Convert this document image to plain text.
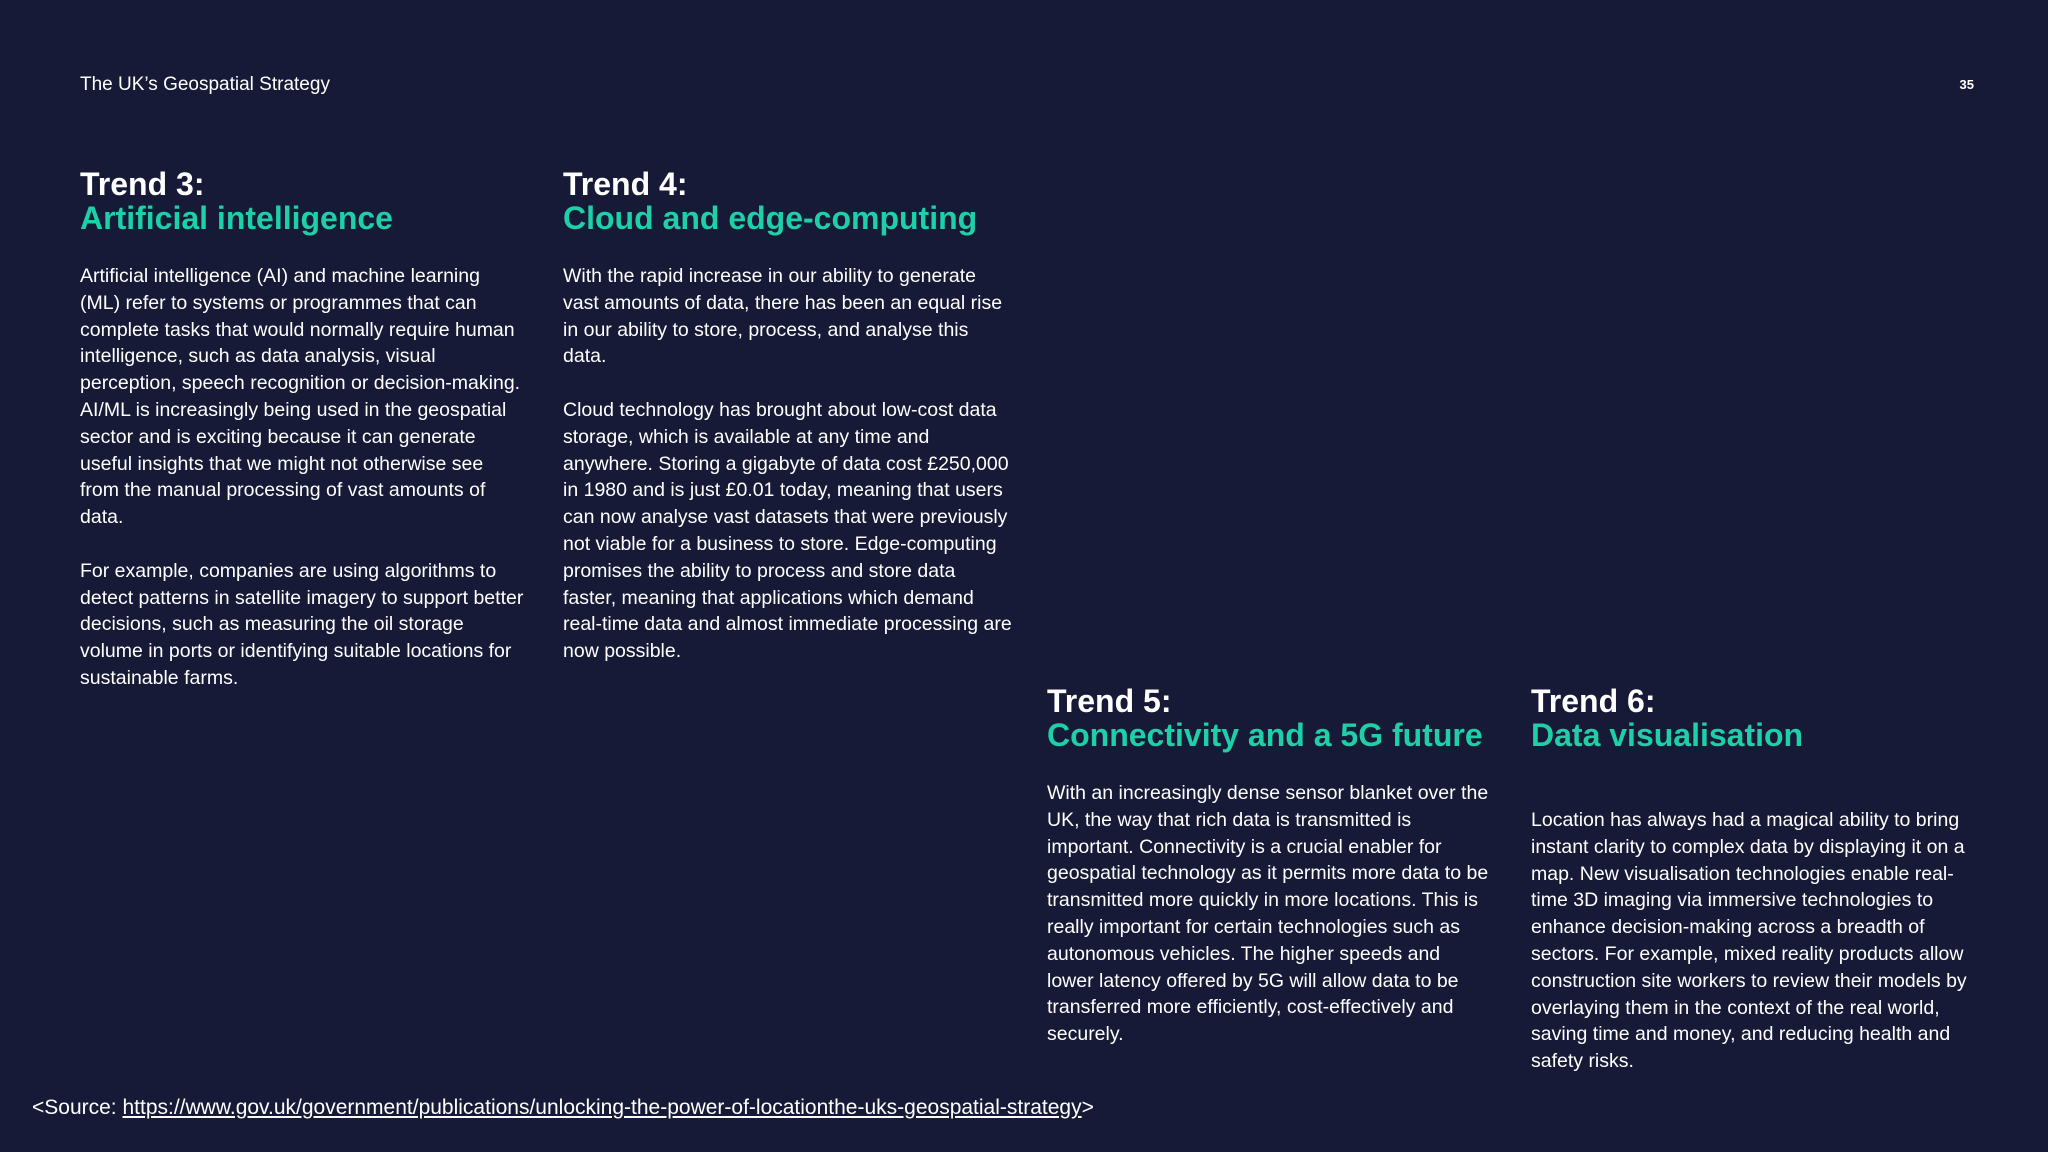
The UK’s Geospatial Strategy	35
Trend 3:
Artificial intelligence

Artificial intelligence (AI) and machine learning (ML) refer to systems or programmes that can complete tasks that would normally require human intelligence, such as data analysis, visual perception, speech recognition or decision-making. AI/ML is increasingly being used in the geospatial sector and is exciting because it can generate useful insights that we might not otherwise see from the manual processing of vast amounts of data.

For example, companies are using algorithms to detect patterns in satellite imagery to support better decisions, such as measuring the oil storage volume in ports or identifying suitable locations for sustainable farms.

Trend 4:
Cloud and edge-computing

With the rapid increase in our ability to generate vast amounts of data, there has been an equal rise in our ability to store, process, and analyse this data.

Cloud technology has brought about low-cost data storage, which is available at any time and anywhere. Storing a gigabyte of data cost £250,000 in 1980 and is just £0.01 today, meaning that users can now analyse vast datasets that were previously not viable for a business to store. Edge-computing promises the ability to process and store data faster, meaning that applications which demand real-time data and almost immediate processing are now possible.

Trend 5:
Connectivity and a 5G future

With an increasingly dense sensor blanket over the UK, the way that rich data is transmitted is important. Connectivity is a crucial enabler for geospatial technology as it permits more data to be transmitted more quickly in more locations. This is really important for certain technologies such as autonomous vehicles. The higher speeds and lower latency offered by 5G will allow data to be transferred more efficiently, cost-effectively and securely.

Trend 6:
Data visualisation

Location has always had a magical ability to bring instant clarity to complex data by displaying it on a map. New visualisation technologies enable real-time 3D imaging via immersive technologies to enhance decision-making across a breadth of sectors. For example, mixed reality products allow construction site workers to review their models by overlaying them in the context of the real world, saving time and money, and reducing health and safety risks.

<Source: https://www.gov.uk/government/publications/unlocking-the-power-of-locationthe-uks-geospatial-strategy>
